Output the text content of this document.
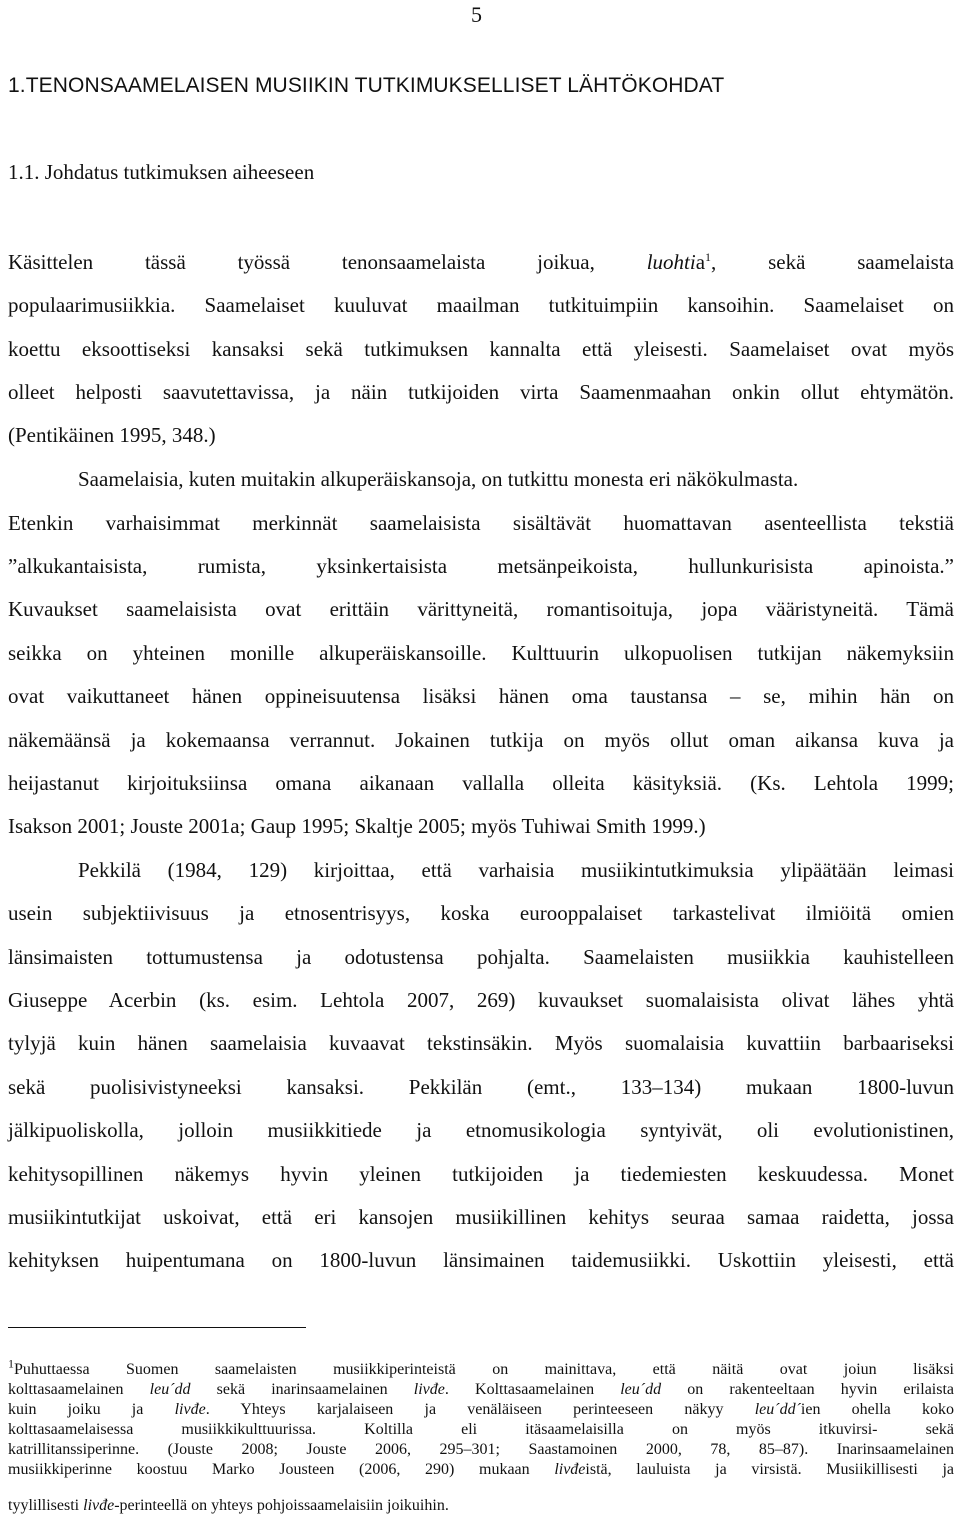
5
1.TENONSAAMELAISEN MUSIIKIN TUTKIMUKSELLISET LÄHTÖKOHDAT
1.1. Johdatus tutkimuksen aiheeseen
Käsittelen tässä työssä tenonsaamelaista joikua, luohtia$^1$, sekä saamelaista
populaarimusiikkia. Saamelaiset kuuluvat maailman tutkituimpiin kansoihin. Saamelaiset on
koettu eksoottiseksi kansaksi sekä tutkimuksen kannalta että yleisesti. Saamelaiset ovat myös
olleet helposti saavutettavissa, ja näin tutkijoiden virta Saamenmaahan onkin ollut ehtymätön.
(Pentikäinen 1995, 348.)
Saamelaisia, kuten muitakin alkuperäiskansoja, on tutkittu monesta eri näkökulmasta.
Etenkin varhaisimmat merkinnät saamelaisista sisältävät huomattavan asenteellista tekstiä
”alkukantaisista, rumista, yksinkertaisista metsänpeikoista, hullunkurisista apinoista.”
Kuvaukset saamelaisista ovat erittäin värittyneitä, romantisoituja, jopa vääristyneitä. Tämä
seikka on yhteinen monille alkuperäiskansoille. Kulttuurin ulkopuolisen tutkijan näkemyksiin
ovat vaikuttaneet hänen oppineisuutensa lisäksi hänen oma taustansa – se, mihin hän on
näkemäänsä ja kokemaansa verrannut. Jokainen tutkija on myös ollut oman aikansa kuva ja
heijastanut kirjoituksiinsa omana aikanaan vallalla olleita käsityksiä. (Ks. Lehtola 1999;
Isakson 2001; Jouste 2001a; Gaup 1995; Skaltje 2005; myös Tuhiwai Smith 1999.)
Pekkilä (1984, 129) kirjoittaa, että varhaisia musiikintutkimuksia ylipäätään leimasi
usein subjektiivisuus ja etnosentrisyys, koska eurooppalaiset tarkastelivat ilmiöitä omien
länsimaisten tottumustensa ja odotustensa pohjalta. Saamelaisten musiikkia kauhistelleen
Giuseppe Acerbin (ks. esim. Lehtola 2007, 269) kuvaukset suomalaisista olivat lähes yhtä
tylyjä kuin hänen saamelaisia kuvaavat tekstinsäkin. Myös suomalaisia kuvattiin barbaariseksi
sekä puolisivistyneeksi kansaksi. Pekkilän (emt., 133–134) mukaan 1800-luvun
jälkipuoliskolla, jolloin musiikkitiede ja etnomusikologia syntyivät, oli evolutionistinen,
kehitysopillinen näkemys hyvin yleinen tutkijoiden ja tiedemiesten keskuudessa. Monet
musiikintutkijat uskoivat, että eri kansojen musiikillinen kehitys seuraa samaa raidetta, jossa
kehityksen huipentumana on 1800-luvun länsimainen taidemusiikki. Uskottiin yleisesti, että
$^1$Puhuttaessa Suomen saamelaisten musiikkiperinteistä on mainittava, että näitä ovat joiun lisäksi
kolttasaamelainen leu´dd sekä inarinsaamelainen livđe. Kolttasaamelainen leu´dd on rakenteeltaan hyvin erilaista
kuin joiku ja livđe. Yhteys karjalaiseen ja venäläiseen perinteeseen näkyy leu´dd´ien ohella koko
kolttasaamelaisessa musiikkikulttuurissa. Koltilla eli itäsaamelaisilla on myös itkuvirsi- sekä
katrillitanssiperinne. (Jouste 2008; Jouste 2006, 295–301; Saastamoinen 2000, 78, 85–87). Inarinsaamelainen
musiikkiperinne koostuu Marko Jousteen (2006, 290) mukaan livđeistä, lauluista ja virsistä. Musiikillisesti ja
tyylillisesti livđe-perinteellä on yhteys pohjoissaamelaisiin joikuihin.
